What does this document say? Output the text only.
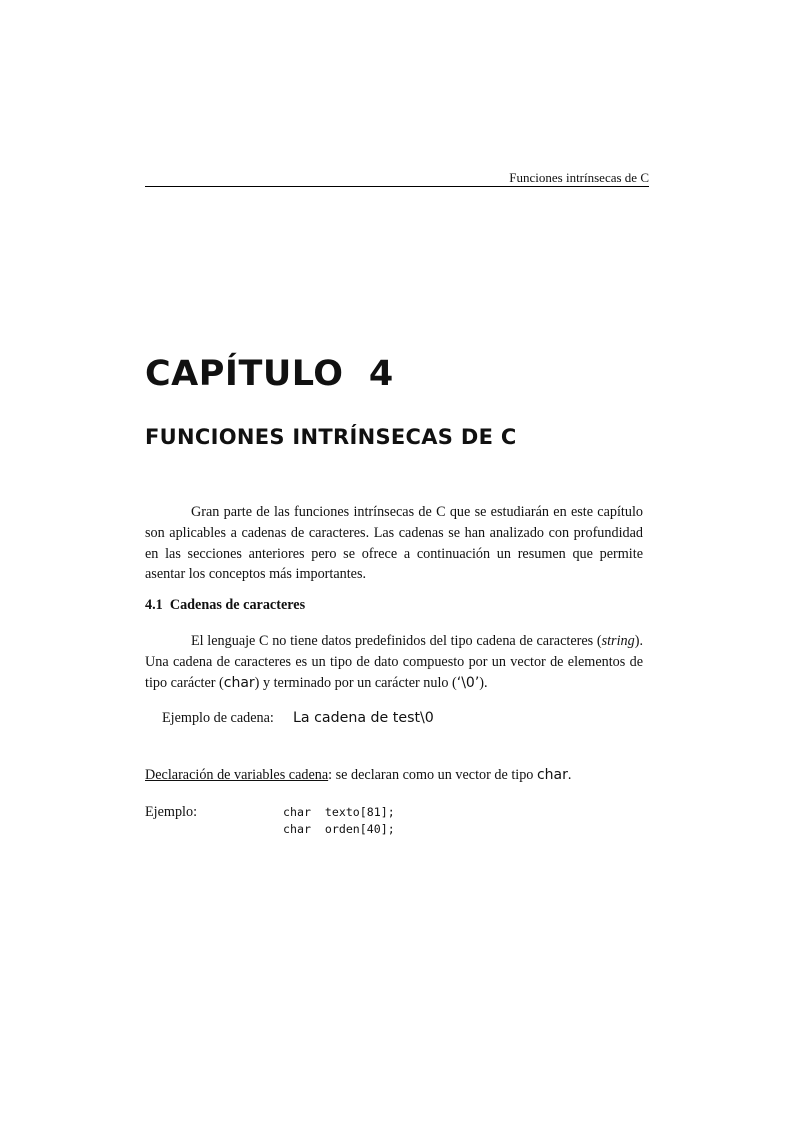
Funciones intrínsecas de C
CAPÍTULO  4
FUNCIONES INTRÍNSECAS DE C

Gran parte de las funciones intrínsecas de C que se estudiarán en este capítulo son aplicables a cadenas de caracteres. Las cadenas se han analizado con profundidad en las secciones anteriores pero se ofrece a continuación un resumen que permite asentar los conceptos más importantes.

4.1  Cadenas de caracteres

El lenguaje C no tiene datos predefinidos del tipo cadena de caracteres (string). Una cadena de caracteres es un tipo de dato compuesto por un vector de elementos de tipo carácter (char) y terminado por un carácter nulo (‘\0’).

Ejemplo de cadena: La cadena de test\0
Declaración de variables cadena: se declaran como un vector de tipo char.
Ejemplo:	char  texto[81];
char  orden[40];
